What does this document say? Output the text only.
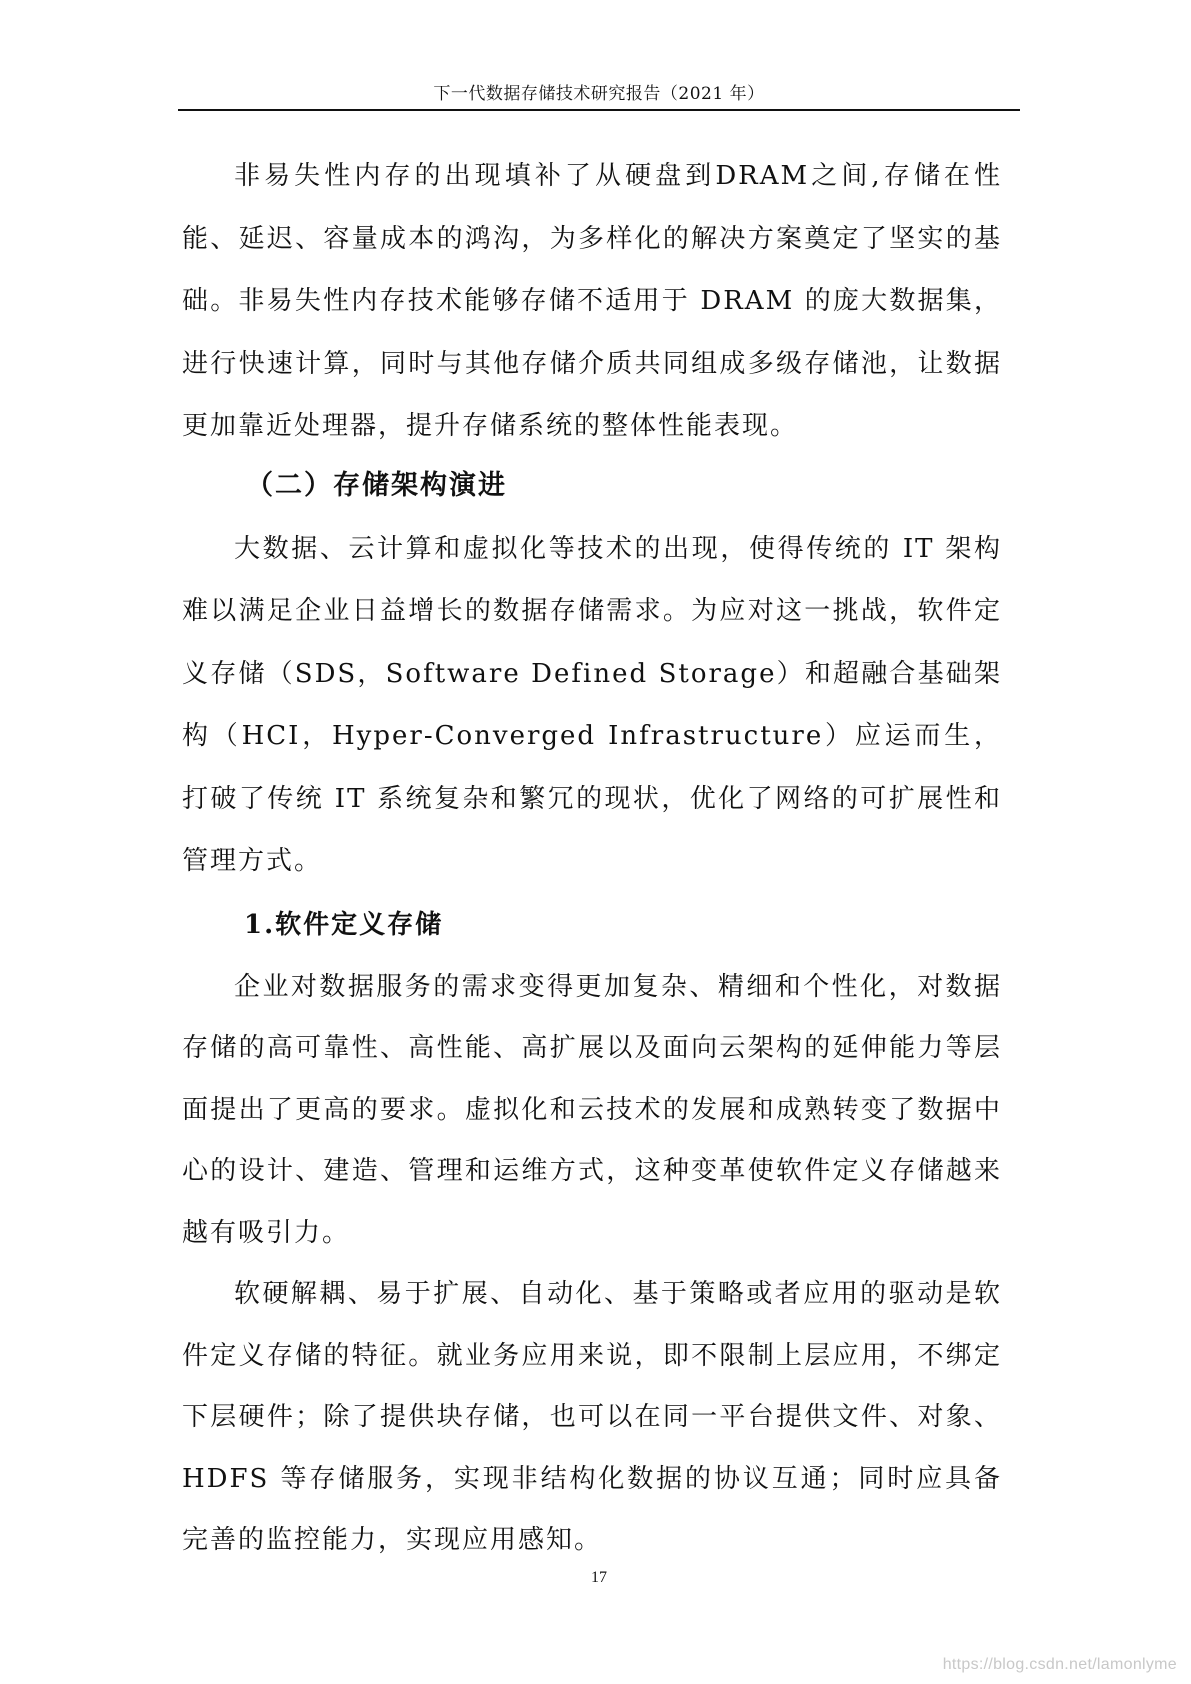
下一代数据存储技术研究报告（2021 年）

非易失性内存的出现填补了从硬盘到DRAM之间,存储在性能、延迟、容量成本的鸿沟，为多样化的解决方案奠定了坚实的基础。非易失性内存技术能够存储不适用于 DRAM 的庞大数据集，进行快速计算，同时与其他存储介质共同组成多级存储池，让数据更加靠近处理器，提升存储系统的整体性能表现。

（二）存储架构演进

大数据、云计算和虚拟化等技术的出现，使得传统的 IT 架构难以满足企业日益增长的数据存储需求。为应对这一挑战，软件定义存储（SDS，Software Defined Storage）和超融合基础架构（HCI，Hyper-Converged Infrastructure）应运而生，打破了传统 IT 系统复杂和繁冗的现状，优化了网络的可扩展性和管理方式。

1.软件定义存储

企业对数据服务的需求变得更加复杂、精细和个性化，对数据存储的高可靠性、高性能、高扩展以及面向云架构的延伸能力等层面提出了更高的要求。虚拟化和云技术的发展和成熟转变了数据中心的设计、建造、管理和运维方式，这种变革使软件定义存储越来越有吸引力。

软硬解耦、易于扩展、自动化、基于策略或者应用的驱动是软件定义存储的特征。就业务应用来说，即不限制上层应用，不绑定下层硬件；除了提供块存储，也可以在同一平台提供文件、对象、HDFS 等存储服务，实现非结构化数据的协议互通；同时应具备完善的监控能力，实现应用感知。

17
https://blog.csdn.net/lamonlyme
